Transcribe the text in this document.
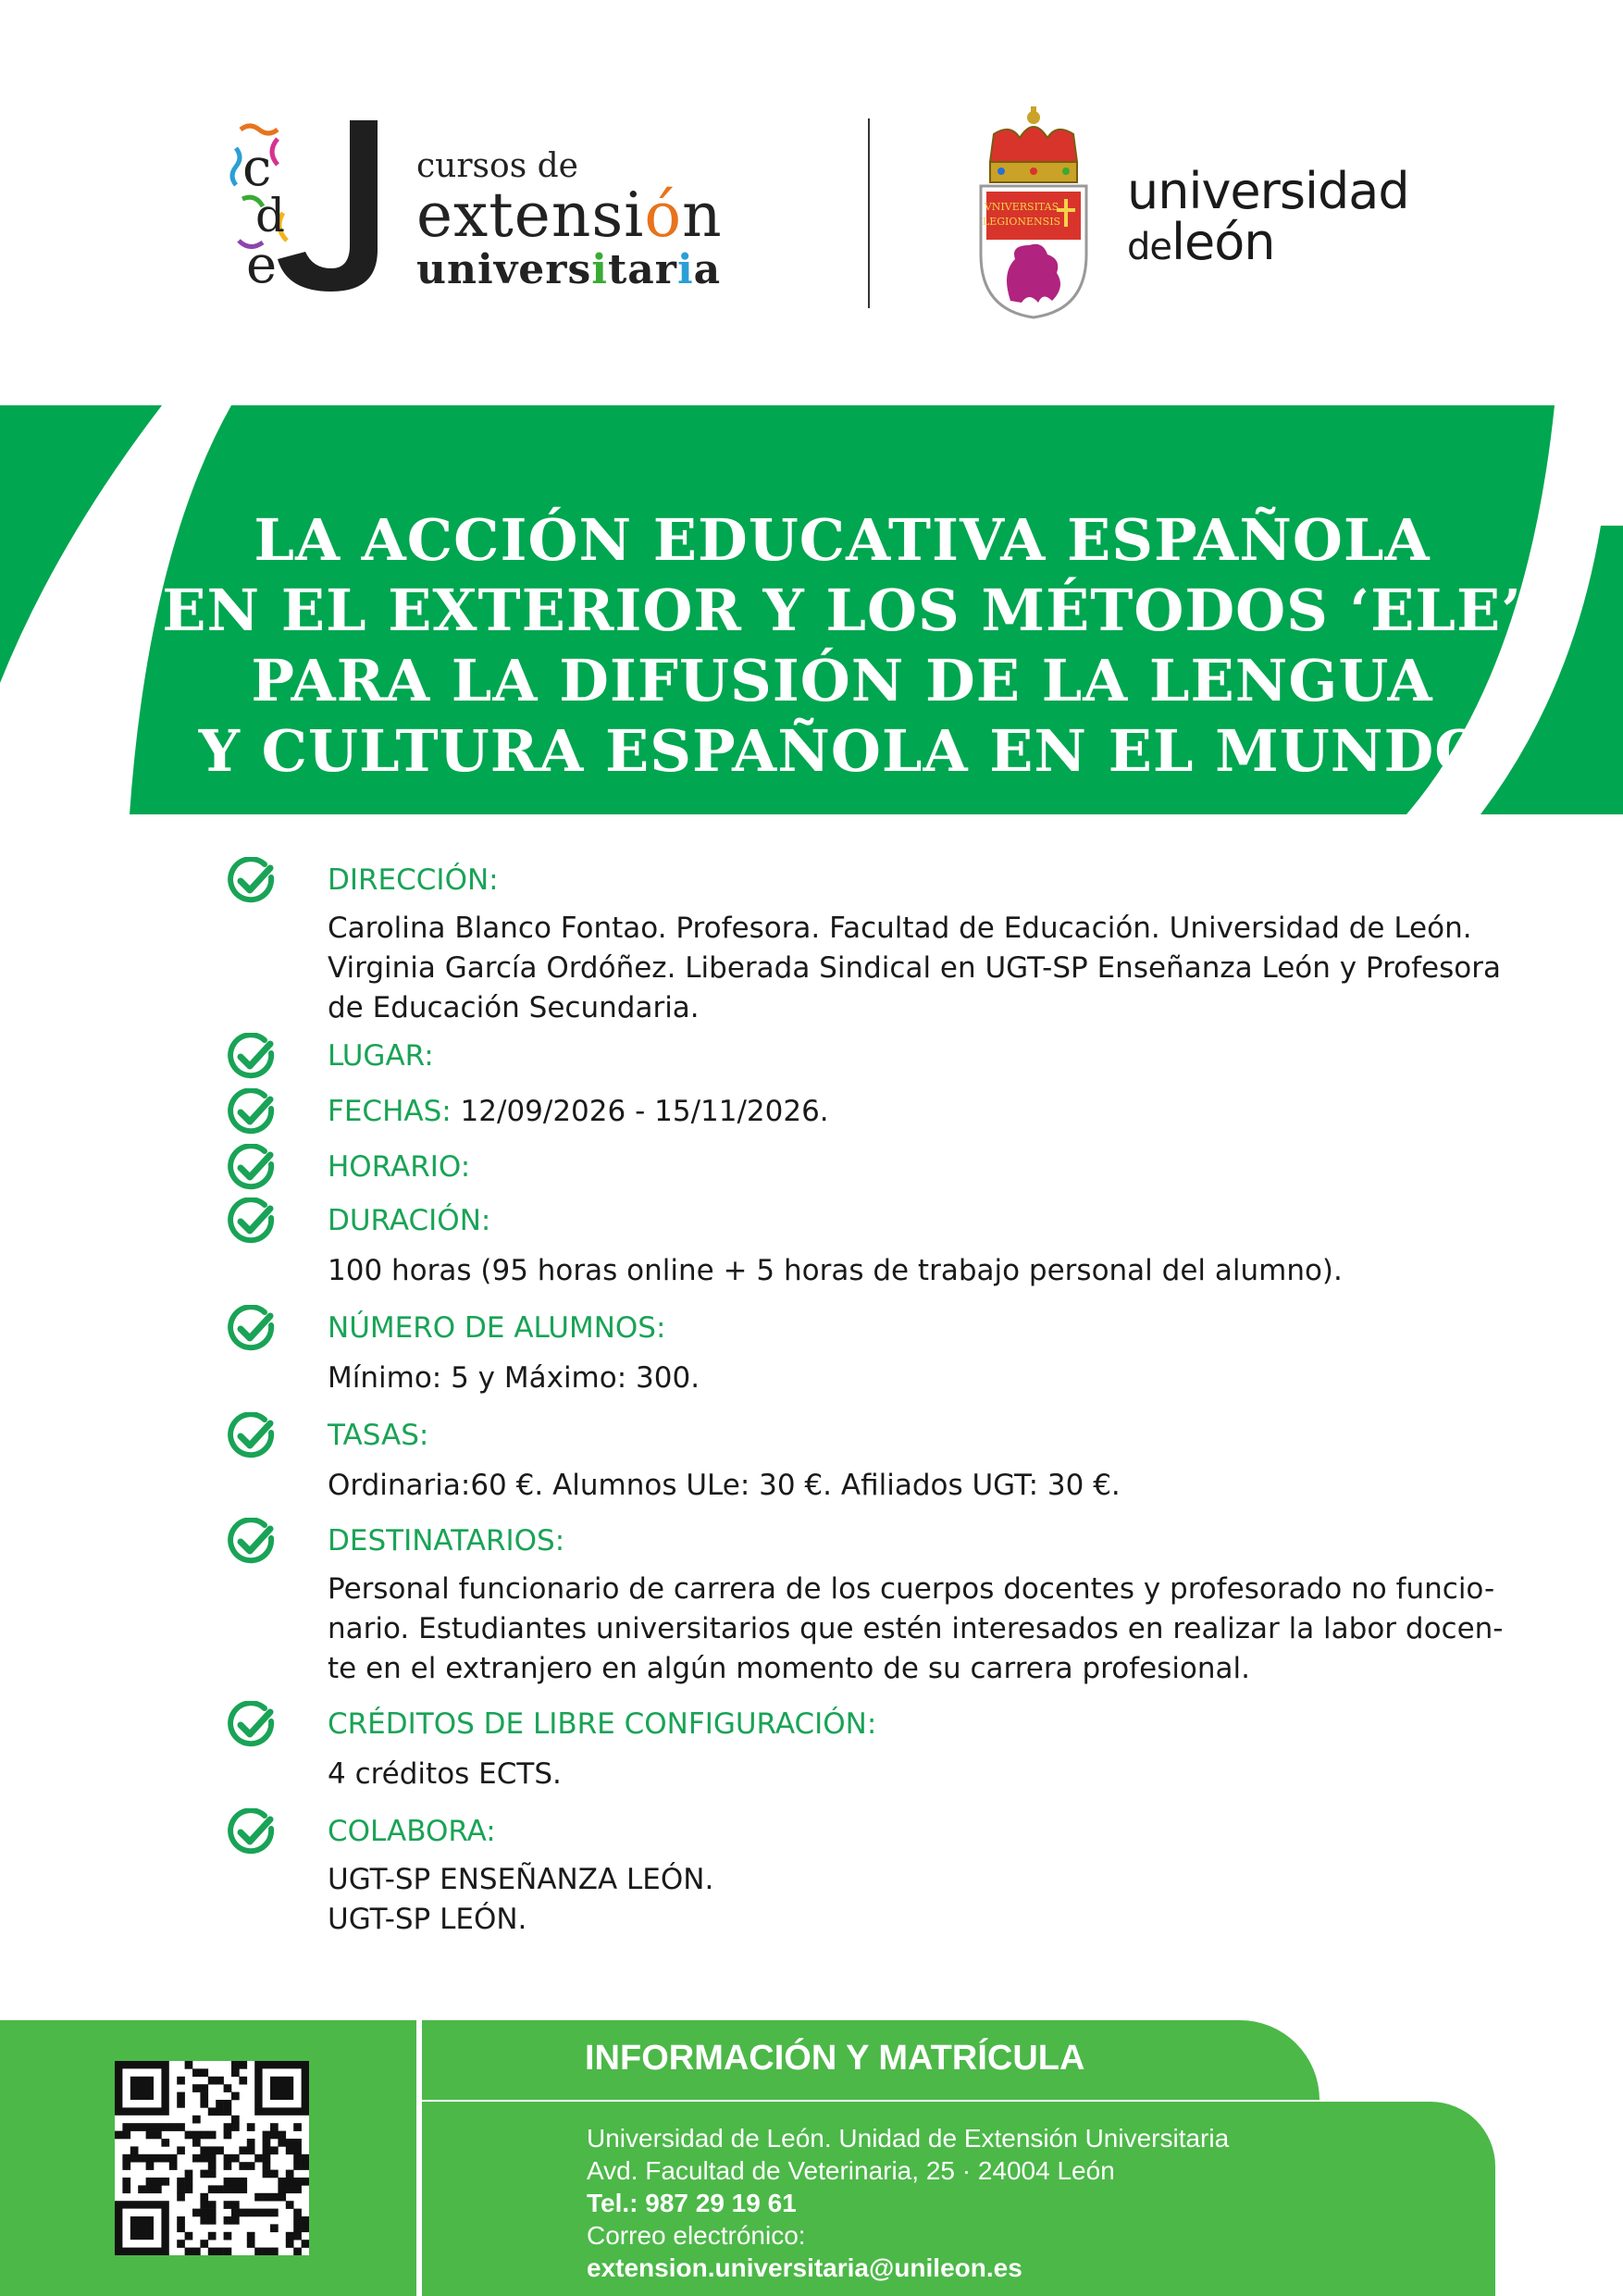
c
d
e
cursos de
extensión
universitaria
VNIVERSITAS
LEGIONENSIS
universidad
deleón
LA ACCIÓN EDUCATIVA ESPAÑOLA
EN EL EXTERIOR Y LOS MÉTODOS ‘ELE’
PARA LA DIFUSIÓN DE LA LENGUA
Y CULTURA ESPAÑOLA EN EL MUNDO
DIRECCIÓN:
Carolina Blanco Fontao. Profesora. Facultad de Educación. Universidad de León.
Virginia García Ordóñez. Liberada Sindical en UGT-SP Enseñanza León y Profesora
de Educación Secundaria.
LUGAR:
FECHAS: 12/09/2026 - 15/11/2026.
HORARIO:
DURACIÓN:
100 horas (95 horas online + 5 horas de trabajo personal del alumno).
NÚMERO DE ALUMNOS:
Mínimo: 5 y Máximo: 300.
TASAS:
Ordinaria:60 €. Alumnos ULe: 30 €. Afiliados UGT: 30 €.
DESTINATARIOS:
Personal funcionario de carrera de los cuerpos docentes y profesorado no funcio-
nario. Estudiantes universitarios que estén interesados en realizar la labor docen-
te en el extranjero en algún momento de su carrera profesional.
CRÉDITOS DE LIBRE CONFIGURACIÓN:
4 créditos ECTS.
COLABORA:
UGT-SP ENSEÑANZA LEÓN.
UGT-SP LEÓN.
INFORMACIÓN Y MATRÍCULA
Universidad de León. Unidad de Extensión Universitaria
Avd. Facultad de Veterinaria, 25 · 24004 León
Tel.: 987 29 19 61
Correo electrónico:
extension.universitaria@unileon.es
